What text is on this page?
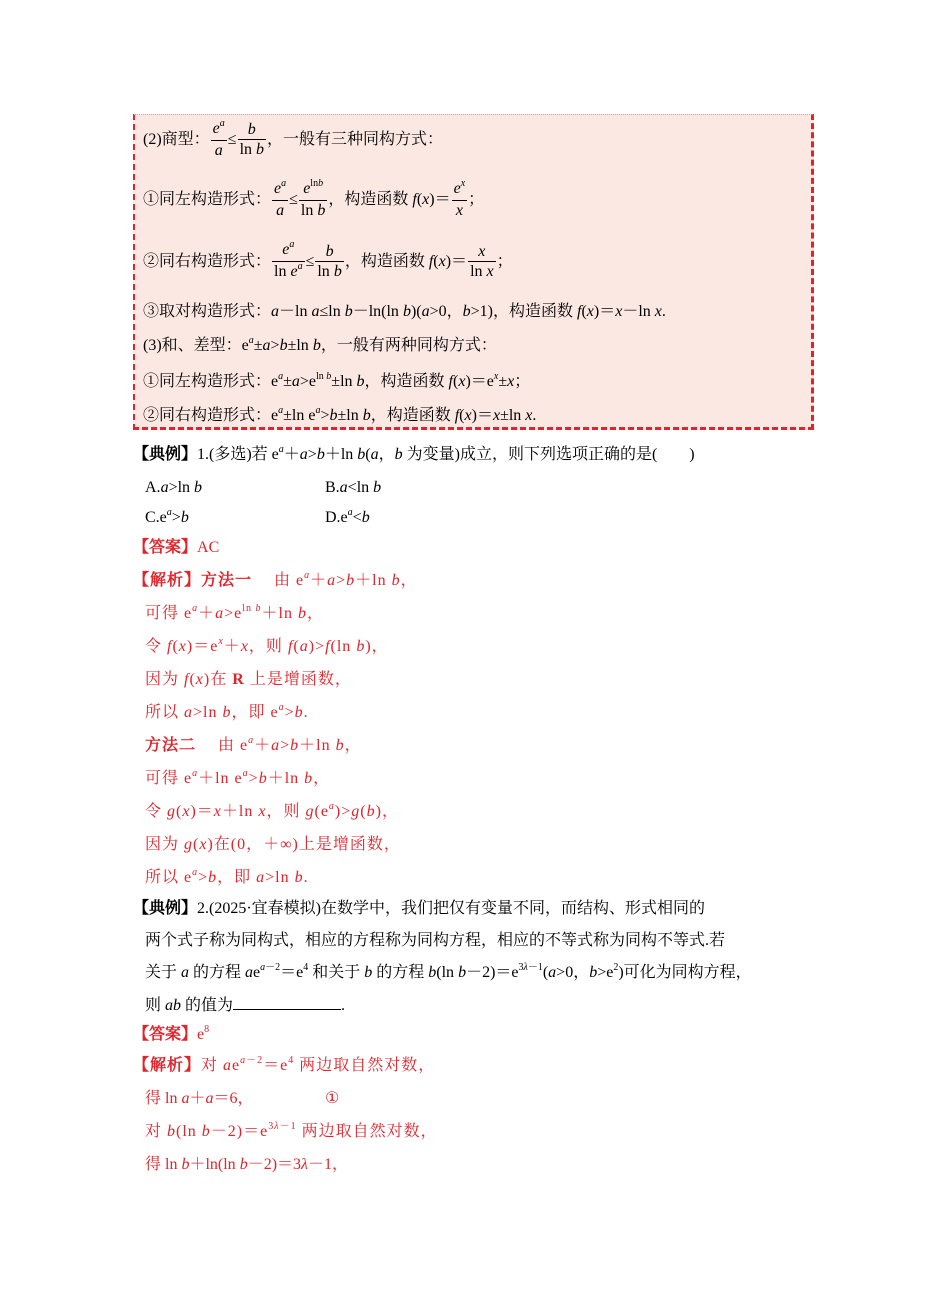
(2)商型： $\frac{e^a}{a} \le \frac{b}{\text{ln b}}$ ，一般有三种同构方式：
①同左构造形式： $\frac{e^a}{a} \le \frac{e^{lnb}}{\text{ln b}}$ ，构造函数 $f(x)= \frac{e^x}{x}$ ；
②同右构造形式： $\frac{e^a}{\ln e^a} \le \frac{b}{\text{ln b}}$ ，构造函数 $f(x)= \frac{x}{\text{ln x}}$ ；
③取对构造形式：a－ln a≤ln b－ln(ln b)(a>0，b>1)，构造函数 f(x)＝x－ln x.
(3)和、差型：$e^a\pm a>b\pm\ln$ b，一般有两种同构方式：
①同左构造形式：$e^a\pm a>e^{ln b}\pm\ln$ b，构造函数 $f(x)=e^x\pm x$；
②同右构造形式：$e^a\pm\ln$ $e^a>b\pm\ln$ b，构造函数 f(x)＝x±ln x.
【典例】1.(多选)若 $e^a+a>b+\ln$ b(a，b 为变量)成立，则下列选项正确的是(　　)
A.a>ln b	B.a<ln b
$C.e^a>b$	$D.e^a<b$
【答案】AC
【解析】方法一　 由 $e^a+a>b+\ln$ b，
可得 $e^a+a>e^{ln b}+\ln$ b，
令 $f(x)=e^x+x$，则 f(a)>f(ln b)，
因为 f(x)在 R 上是增函数，
所以 a>ln b，即 $e^a>b$.
方法二　 由 $e^a+a>b+\ln$ b，
可得 $e^a+\ln$ $e^a>b+\ln$ b，
令 g(x)＝x＋ln x，则 $g(e^a)>g(b)$，
因为 g(x)在(0，＋∞)上是增函数，
所以 $e^a>b$，即 a>ln b.
【典例】2.(2025·宜春模拟)在数学中，我们把仅有变量不同，而结构、形式相同的
两个式子称为同构式，相应的方程称为同构方程，相应的不等式称为同构不等式.若
关于 a 的方程 $ae^{a-2}=e^4$ 和关于 b 的方程 b(ln $b-2)=e^{3\lambda-1}(a>0$，$b>e^2$)可化为同构方程，
则 ab 的值为	.
【答案】$e^8$
【解析】对 $ae^{a-2}=e^4$ 两边取自然对数，
得 ln a＋a＝6，	①
对 b(ln $b-2)=e^{3\lambda-1}$ 两边取自然对数，
得 ln b＋ln(ln b－2)＝3λ－1，
